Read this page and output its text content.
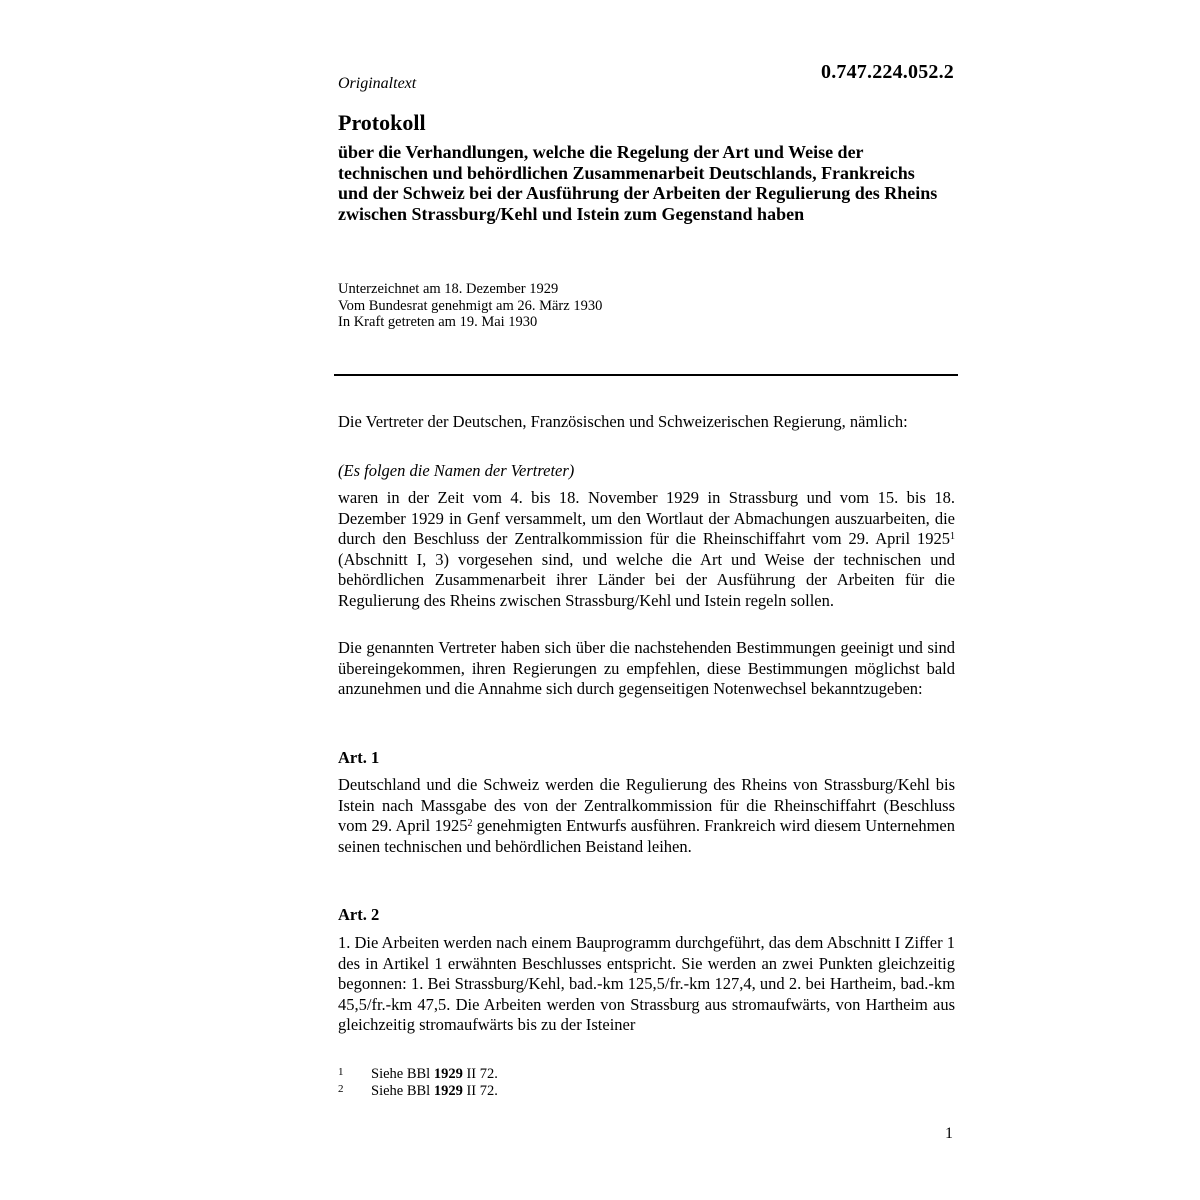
0.747.224.052.2
Originaltext
Protokoll
über die Verhandlungen, welche die Regelung der Art und Weise der technischen und behördlichen Zusammenarbeit Deutschlands, Frankreichs und der Schweiz bei der Ausführung der Arbeiten der Regulierung des Rheins zwischen Strassburg/Kehl und Istein zum Gegenstand haben
Unterzeichnet am 18. Dezember 1929
Vom Bundesrat genehmigt am 26. März 1930
In Kraft getreten am 19. Mai 1930
Die Vertreter der Deutschen, Französischen und Schweizerischen Regierung, nämlich:
(Es folgen die Namen der Vertreter)
waren in der Zeit vom 4. bis 18. November 1929 in Strassburg und vom 15. bis 18. Dezember 1929 in Genf versammelt, um den Wortlaut der Abmachungen auszuarbeiten, die durch den Beschluss der Zentralkommission für die Rheinschiffahrt vom 29. April 1925$^1$ (Abschnitt I, 3) vorgesehen sind, und welche die Art und Weise der technischen und behördlichen Zusammenarbeit ihrer Länder bei der Ausführung der Arbeiten für die Regulierung des Rheins zwischen Strassburg/Kehl und Istein regeln sollen.
Die genannten Vertreter haben sich über die nachstehenden Bestimmungen geeinigt und sind übereingekommen, ihren Regierungen zu empfehlen, diese Bestimmungen möglichst bald anzunehmen und die Annahme sich durch gegenseitigen Notenwechsel bekanntzugeben:
Art. 1
Deutschland und die Schweiz werden die Regulierung des Rheins von Strassburg/Kehl bis Istein nach Massgabe des von der Zentralkommission für die Rheinschiffahrt (Beschluss vom 29. April 1925$^2$ genehmigten Entwurfs ausführen. Frankreich wird diesem Unternehmen seinen technischen und behördlichen Beistand leihen.
Art. 2
1. Die Arbeiten werden nach einem Bauprogramm durchgeführt, das dem Abschnitt I Ziffer 1 des in Artikel 1 erwähnten Beschlusses entspricht. Sie werden an zwei Punkten gleichzeitig begonnen: 1. Bei Strassburg/Kehl, bad.-km 125,5/fr.-km 127,4, und 2. bei Hartheim, bad.-km 45,5/fr.-km 47,5. Die Arbeiten werden von Strassburg aus stromaufwärts, von Hartheim aus gleichzeitig stromaufwärts bis zu der Isteiner
1 Siehe BBl 1929 II 72.
2 Siehe BBl 1929 II 72.
1
